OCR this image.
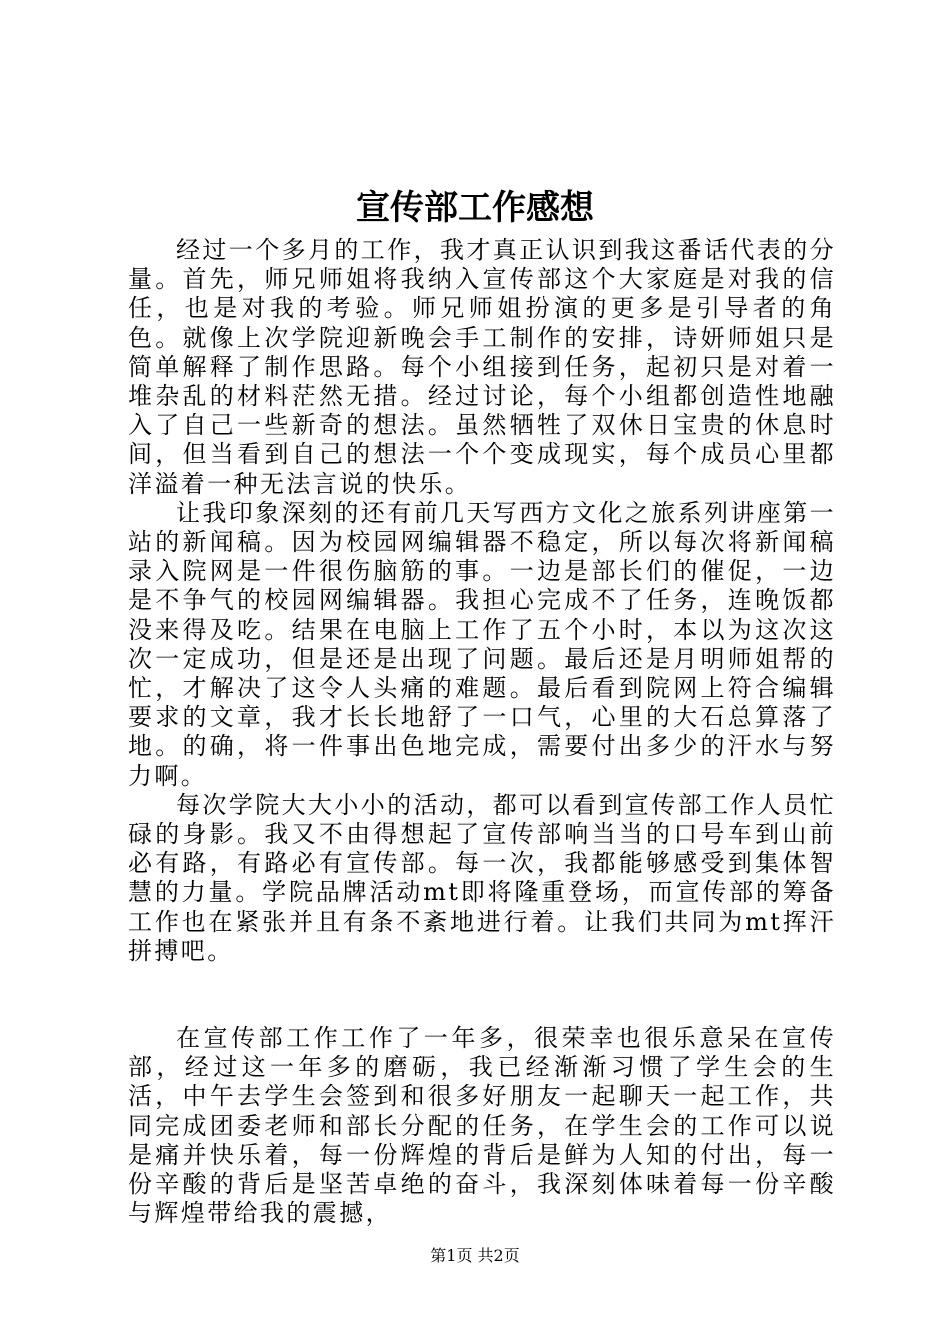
宣传部工作感想

经过一个多月的工作，我才真正认识到我这番话代表的分量。首先，师兄师姐将我纳入宣传部这个大家庭是对我的信任，也是对我的考验。师兄师姐扮演的更多是引导者的角色。就像上次学院迎新晚会手工制作的安排，诗妍师姐只是简单解释了制作思路。每个小组接到任务，起初只是对着一堆杂乱的材料茫然无措。经过讨论，每个小组都创造性地融入了自己一些新奇的想法。虽然牺牲了双休日宝贵的休息时间，但当看到自己的想法一个个变成现实，每个成员心里都洋溢着一种无法言说的快乐。

让我印象深刻的还有前几天写西方文化之旅系列讲座第一站的新闻稿。因为校园网编辑器不稳定，所以每次将新闻稿录入院网是一件很伤脑筋的事。一边是部长们的催促，一边是不争气的校园网编辑器。我担心完成不了任务，连晚饭都没来得及吃。结果在电脑上工作了五个小时，本以为这次这次一定成功，但是还是出现了问题。最后还是月明师姐帮的忙，才解决了这令人头痛的难题。最后看到院网上符合编辑要求的文章，我才长长地舒了一口气，心里的大石总算落了地。的确，将一件事出色地完成，需要付出多少的汗水与努力啊。

每次学院大大小小的活动，都可以看到宣传部工作人员忙碌的身影。我又不由得想起了宣传部响当当的口号车到山前必有路，有路必有宣传部。每一次，我都能够感受到集体智慧的力量。学院品牌活动mt即将隆重登场，而宣传部的筹备工作也在紧张并且有条不紊地进行着。让我们共同为mt挥汗拼搏吧。

在宣传部工作工作了一年多，很荣幸也很乐意呆在宣传部，经过这一年多的磨砺，我已经渐渐习惯了学生会的生活，中午去学生会签到和很多好朋友一起聊天一起工作，共同完成团委老师和部长分配的任务，在学生会的工作可以说是痛并快乐着，每一份辉煌的背后是鲜为人知的付出，每一份辛酸的背后是坚苦卓绝的奋斗，我深刻体味着每一份辛酸与辉煌带给我的震撼，

第1页 共2页
